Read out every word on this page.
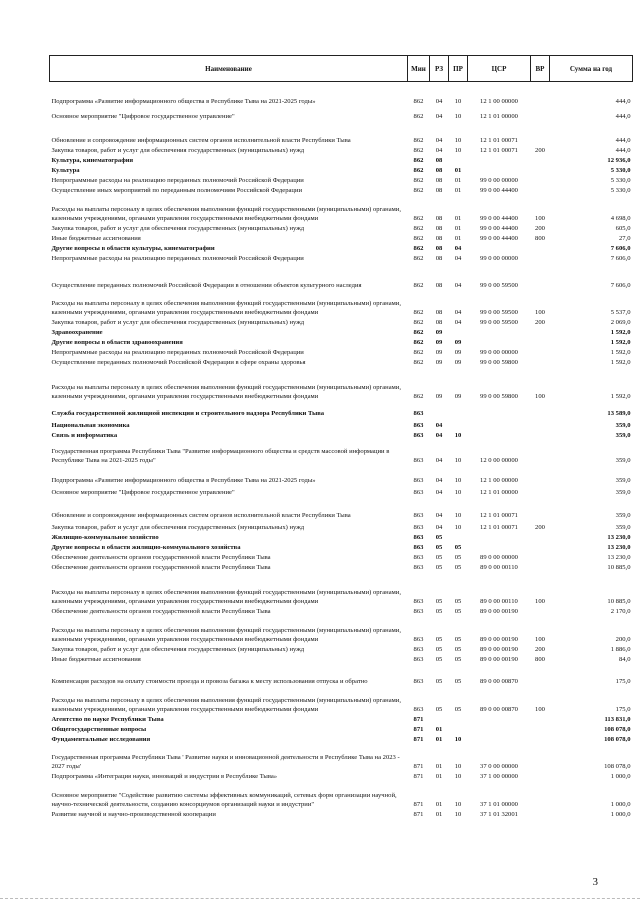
Наименование	Мин	РЗ	ПР	ЦСР	ВР	Сумма на год
Подпрограмма «Развитие информационного общества в Республике Тыва на 2021-2025 годы»	862	04	10	12 1 00 00000		444,0
Основное мероприятие "Цифровое государственное управление"	862	04	10	12 1 01 00000		444,0
Обновление и сопровождение информационных систем органов исполнительной власти Республики Тыва	862	04	10	12 1 01 00071		444,0
Закупка товаров, работ и услуг для обеспечения государственных (муниципальных) нужд	862	04	10	12 1 01 00071	200	444,0
Культура, кинематография	862	08				12 936,0
Культура	862	08	01			5 330,0
Непрограммные расходы на реализацию переданных полномочий Российской Федерации	862	08	01	99 0 00 00000		5 330,0
Осуществление иных мероприятий по переданным полномочиям Российской Федерации	862	08	01	99 0 00 44400		5 330,0
Расходы на выплаты персоналу в целях обеспечения выполнения функций государственными (муниципальными) органами, казенными учреждениями, органами управления государственными внебюджетными фондами	862	08	01	99 0 00 44400	100	4 698,0
Закупка товаров, работ и услуг для обеспечения государственных (муниципальных) нужд	862	08	01	99 0 00 44400	200	605,0
Иные бюджетные ассигнования	862	08	01	99 0 00 44400	800	27,0
Другие вопросы в области культуры, кинематографии	862	08	04			7 606,0
Непрограммные расходы на реализацию переданных полномочий Российской Федерации	862	08	04	99 0 00 00000		7 606,0
Осуществление переданных полномочий Российской Федерации в отношении объектов культурного наследия	862	08	04	99 0 00 59500		7 606,0
Расходы на выплаты персоналу в целях обеспечения выполнения функций государственными (муниципальными) органами, казенными учреждениями, органами управления государственными внебюджетными фондами	862	08	04	99 0 00 59500	100	5 537,0
Закупка товаров, работ и услуг для обеспечения государственных (муниципальных) нужд	862	08	04	99 0 00 59500	200	2 069,0
Здравоохранение	862	09				1 592,0
Другие вопросы в области здравоохранения	862	09	09			1 592,0
Непрограммные расходы на реализацию переданных полномочий Российской Федерации	862	09	09	99 0 00 00000		1 592,0
Осуществление переданных полномочий Российской Федерации в сфере охраны здоровья	862	09	09	99 0 00 59800		1 592,0
Расходы на выплаты персоналу в целях обеспечения выполнения функций государственными (муниципальными) органами, казенными учреждениями, органами управления государственными внебюджетными фондами	862	09	09	99 0 00 59800	100	1 592,0
Служба государственной жилищной инспекции и строительного надзора Республики Тыва	863					13 589,0
Национальная экономика	863	04				359,0
Связь и информатика	863	04	10			359,0
Государственная программа Республики Тыва "Развитие информационного общества и средств массовой информации в Республике Тыва на 2021-2025 годы"	863	04	10	12 0 00 00000		359,0
Подпрограмма «Развитие информационного общества в Республике Тыва на 2021-2025 годы»	863	04	10	12 1 00 00000		359,0
Основное мероприятие "Цифровое государственное управление"	863	04	10	12 1 01 00000		359,0
Обновление и сопровождение информационных систем органов исполнительной власти Республики Тыва	863	04	10	12 1 01 00071		359,0
Закупка товаров, работ и услуг для обеспечения государственных (муниципальных) нужд	863	04	10	12 1 01 00071	200	359,0
Жилищно-коммунальное хозяйство	863	05				13 230,0
Другие вопросы в области жилищно-коммунального хозяйства	863	05	05			13 230,0
Обеспечение деятельности органов государственной власти Республики Тыва	863	05	05	89 0 00 00000		13 230,0
Обеспечение деятельности органов государственной власти Республики Тыва	863	05	05	89 0 00 00110		10 885,0
Расходы на выплаты персоналу в целях обеспечения выполнения функций государственными (муниципальными) органами, казенными учреждениями, органами управления государственными внебюджетными фондами	863	05	05	89 0 00 00110	100	10 885,0
Обеспечение деятельности органов государственной власти Республики Тыва	863	05	05	89 0 00 00190		2 170,0
Расходы на выплаты персоналу в целях обеспечения выполнения функций государственными (муниципальными) органами, казенными учреждениями, органами управления государственными внебюджетными фондами	863	05	05	89 0 00 00190	100	200,0
Закупка товаров, работ и услуг для обеспечения государственных (муниципальных) нужд	863	05	05	89 0 00 00190	200	1 886,0
Иные бюджетные ассигнования	863	05	05	89 0 00 00190	800	84,0
Компенсация расходов на оплату стоимости проезда и провоза багажа к месту использования отпуска и обратно	863	05	05	89 0 00 00870		175,0
Расходы на выплаты персоналу в целях обеспечения выполнения функций государственными (муниципальными) органами, казенными учреждениями, органами управления государственными внебюджетными фондами	863	05	05	89 0 00 00870	100	175,0
Агентство по науке Республики Тыва	871					113 831,0
Общегосударственные вопросы	871	01				108 078,0
Фундаментальные исследования	871	01	10			108 078,0
Государственная программа Республики Тыва ' Развитие науки и инновационной деятельности в Республике Тыва на 2023 - 2027 годы'	871	01	10	37 0 00 00000		108 078,0
Подпрограмма «Интеграция науки, инноваций и индустрии в Республике Тыва»	871	01	10	37 1 00 00000		1 000,0
Основное мероприятие "Содействие развитию системы эффективных коммуникаций, сетевых форм организации научной, научно-технической деятельности, созданию консорциумов организаций науки и индустрии"	871	01	10	37 1 01 00000		1 000,0
Развитие научной и научно-производственной кооперации	871	01	10	37 1 01 32001		1 000,0
3
